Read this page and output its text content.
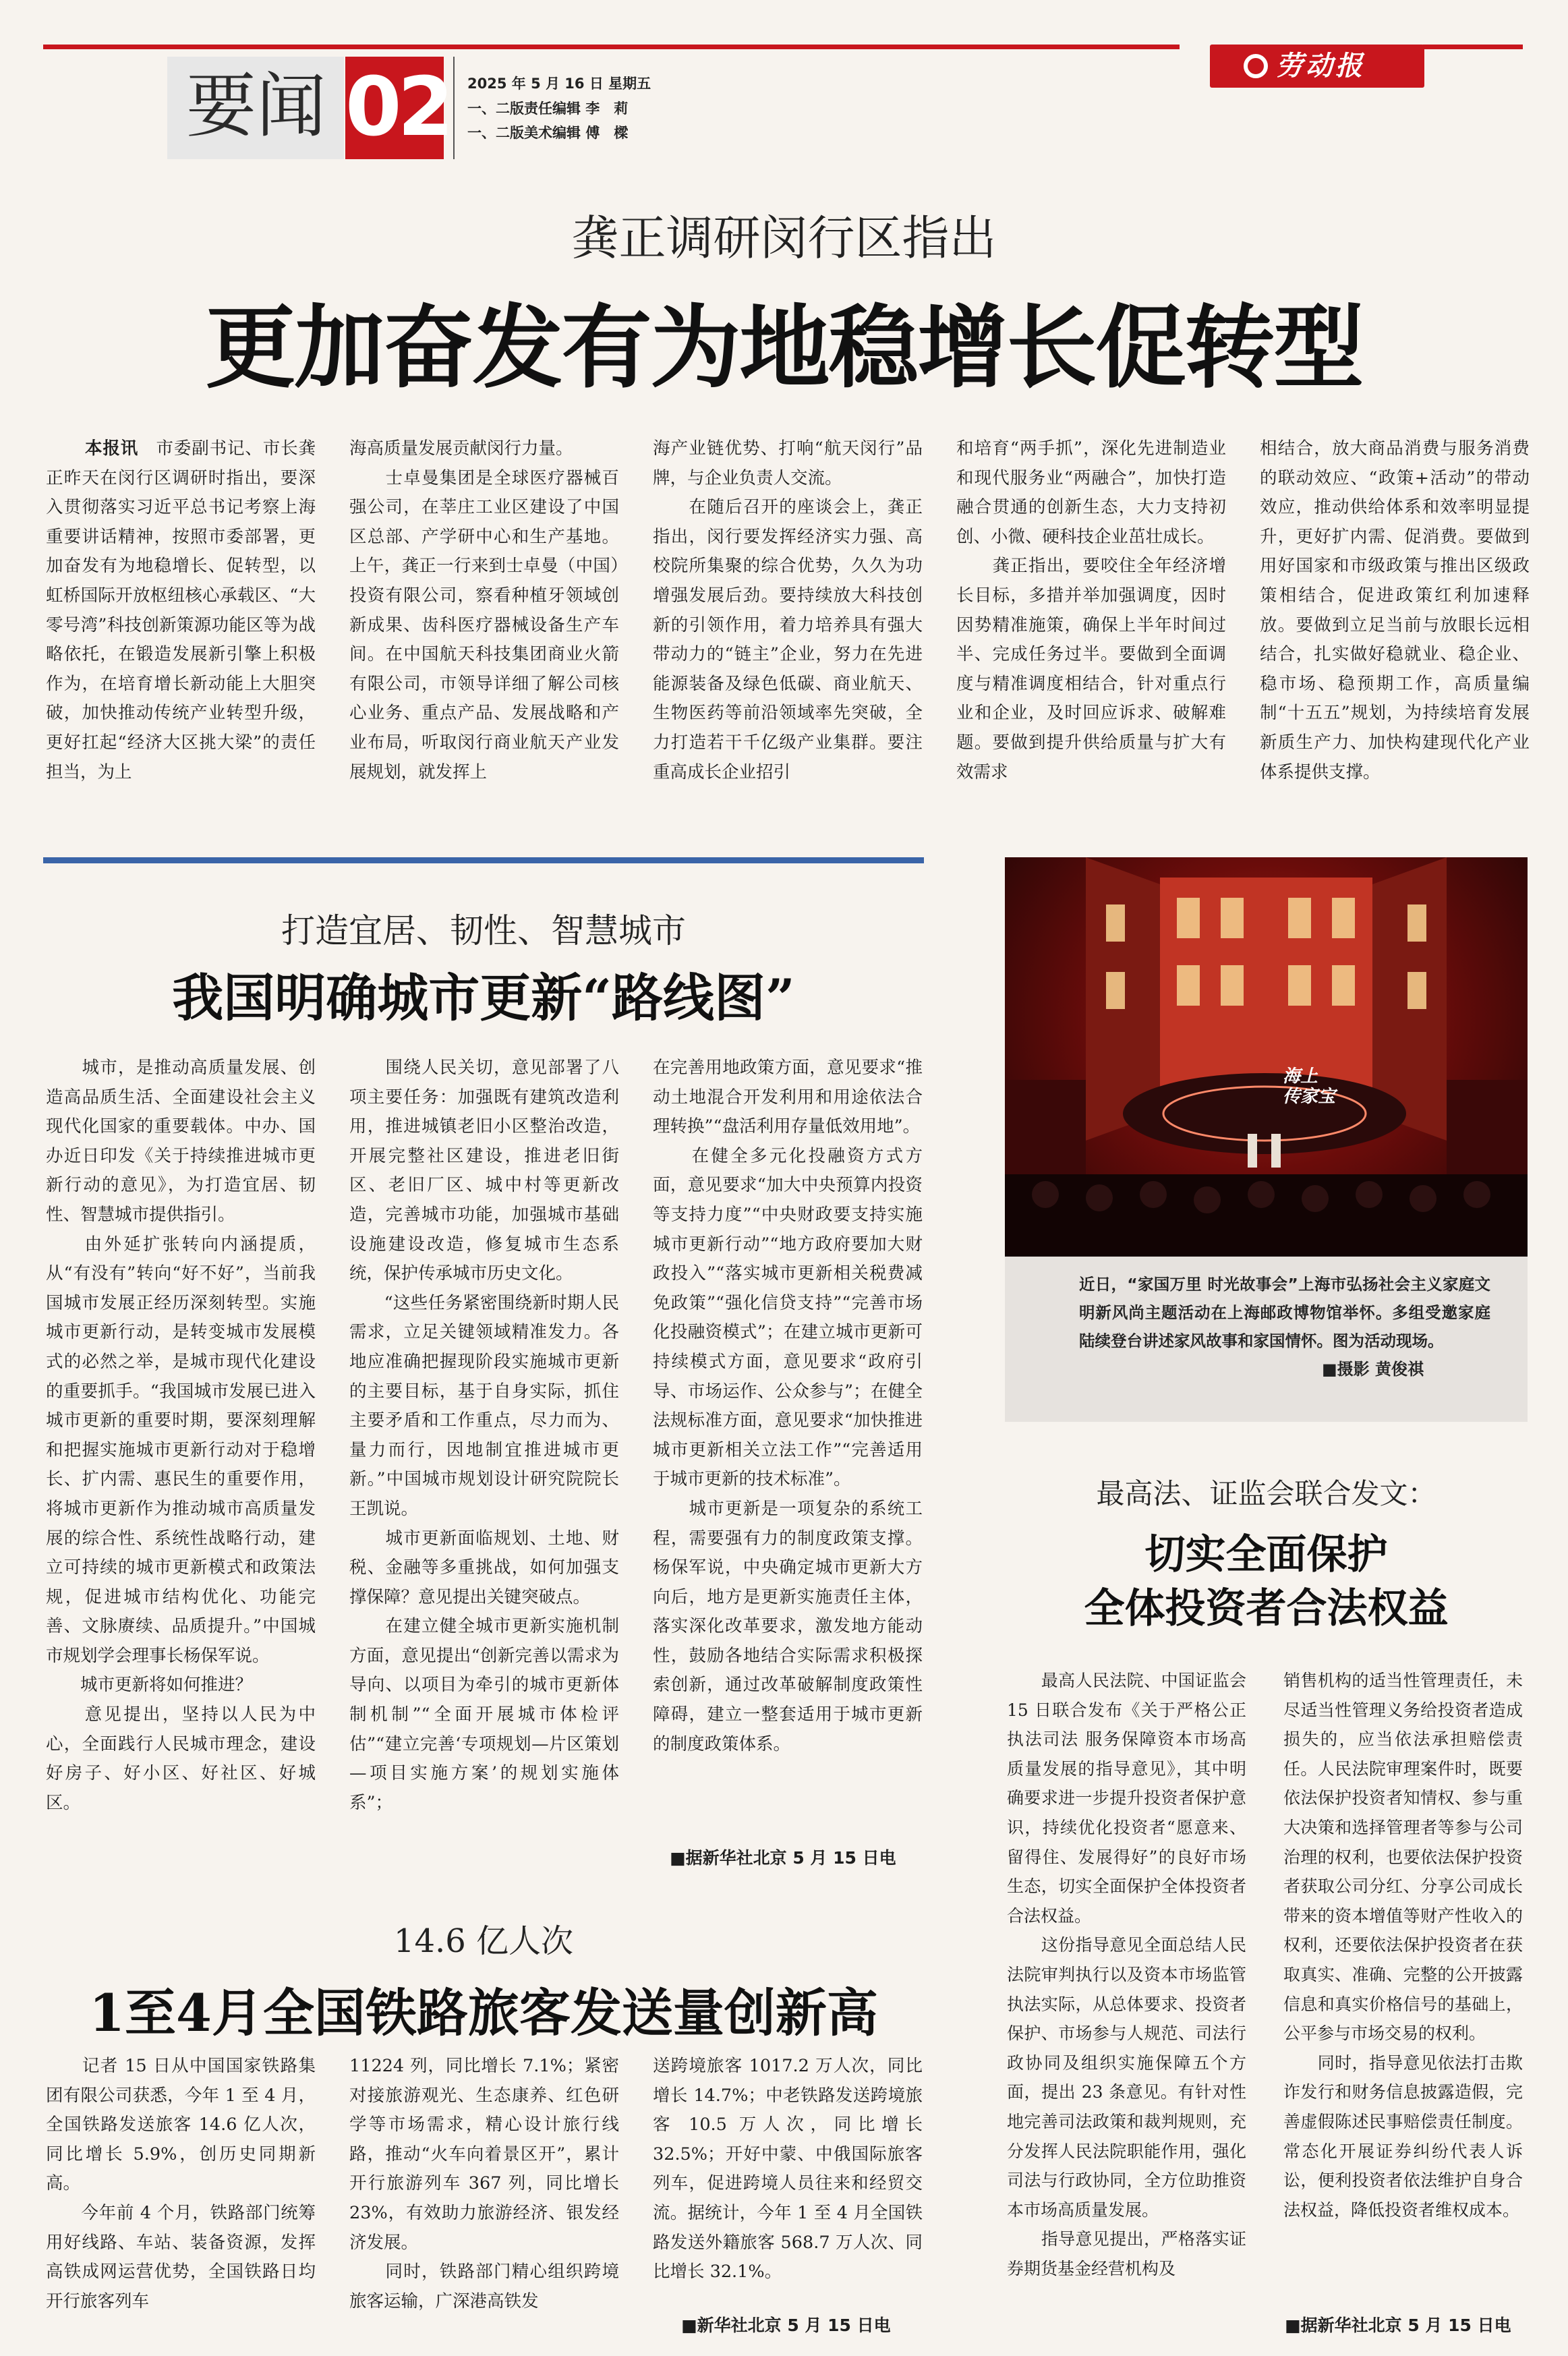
要闻 02 2025 年 5 月 16 日 星期五
一、二版责任编辑 李　莉
一、二版美术编辑 傅　樑
劳动报
龚正调研闵行区指出
更加奋发有为地稳增长促转型
本报讯　 市委副书记、市长龚正昨天在闵行区调研时指出，要深入贯彻落实习近平总书记考察上海重要讲话精神，按照市委部署，更加奋发有为地稳增长、促转型，以虹桥国际开放枢纽核心承载区、“大零号湾”科技创新策源功能区等为战略依托，在锻造发展新引擎上积极作为，在培育增长新动能上大胆突破，加快推动传统产业转型升级，更好扛起“经济大区挑大梁”的责任担当，为上
海高质量发展贡献闵行力量。
　　士卓曼集团是全球医疗器械百强公司，在莘庄工业区建设了中国区总部、产学研中心和生产基地。上午，龚正一行来到士卓曼（中国）投资有限公司，察看种植牙领域创新成果、齿科医疗器械设备生产车间。在中国航天科技集团商业火箭有限公司，市领导详细了解公司核心业务、重点产品、发展战略和产业布局，听取闵行商业航天产业发展规划，就发挥上
海产业链优势、打响“航天闵行”品牌，与企业负责人交流。
　　在随后召开的座谈会上，龚正指出，闵行要发挥经济实力强、高校院所集聚的综合优势，久久为功增强发展后劲。要持续放大科技创新的引领作用，着力培养具有强大带动力的“链主”企业，努力在先进能源装备及绿色低碳、商业航天、生物医药等前沿领域率先突破，全力打造若干千亿级产业集群。要注重高成长企业招引
和培育“两手抓”，深化先进制造业和现代服务业“两融合”，加快打造融合贯通的创新生态，大力支持初创、小微、硬科技企业茁壮成长。
　　龚正指出，要咬住全年经济增长目标，多措并举加强调度，因时因势精准施策，确保上半年时间过半、完成任务过半。要做到全面调度与精准调度相结合，针对重点行业和企业，及时回应诉求、破解难题。要做到提升供给质量与扩大有效需求
相结合，放大商品消费与服务消费的联动效应、“政策+活动”的带动效应，推动供给体系和效率明显提升，更好扩内需、促消费。要做到用好国家和市级政策与推出区级政策相结合，促进政策红利加速释放。要做到立足当前与放眼长远相结合，扎实做好稳就业、稳企业、稳市场、稳预期工作，高质量编制“十五五”规划，为持续培育发展新质生产力、加快构建现代化产业体系提供支撑。
打造宜居、韧性、智慧城市
我国明确城市更新“路线图”
　　城市，是推动高质量发展、创造高品质生活、全面建设社会主义现代化国家的重要载体。中办、国办近日印发《关于持续推进城市更新行动的意见》，为打造宜居、韧性、智慧城市提供指引。
　　由外延扩张转向内涵提质，从“有没有”转向“好不好”，当前我国城市发展正经历深刻转型。实施城市更新行动，是转变城市发展模式的必然之举，是城市现代化建设的重要抓手。“我国城市发展已进入城市更新的重要时期，要深刻理解和把握实施城市更新行动对于稳增长、扩内需、惠民生的重要作用，将城市更新作为推动城市高质量发展的综合性、系统性战略行动，建立可持续的城市更新模式和政策法规，促进城市结构优化、功能完善、文脉赓续、品质提升。”中国城市规划学会理事长杨保军说。
　　城市更新将如何推进？
　　意见提出，坚持以人民为中心，全面践行人民城市理念，建设好房子、好小区、好社区、好城区。
　　围绕人民关切，意见部署了八项主要任务：加强既有建筑改造利用，推进城镇老旧小区整治改造，开展完整社区建设，推进老旧街区、老旧厂区、城中村等更新改造，完善城市功能，加强城市基础设施建设改造，修复城市生态系统，保护传承城市历史文化。
　　“这些任务紧密围绕新时期人民需求，立足关键领域精准发力。各地应准确把握现阶段实施城市更新的主要目标，基于自身实际，抓住主要矛盾和工作重点，尽力而为、量力而行，因地制宜推进城市更新。”中国城市规划设计研究院院长王凯说。
　　城市更新面临规划、土地、财税、金融等多重挑战，如何加强支撑保障？意见提出关键突破点。
　　在建立健全城市更新实施机制方面，意见提出“创新完善以需求为导向、以项目为牵引的城市更新体制机制”“全面开展城市体检评估”“建立完善‘专项规划—片区策划—项目实施方案’的规划实施体系”；
在完善用地政策方面，意见要求“推动土地混合开发利用和用途依法合理转换”“盘活利用存量低效用地”。
　　在健全多元化投融资方式方面，意见要求“加大中央预算内投资等支持力度”“中央财政要支持实施城市更新行动”“地方政府要加大财政投入”“落实城市更新相关税费减免政策”“强化信贷支持”“完善市场化投融资模式”；在建立城市更新可持续模式方面，意见要求“政府引导、市场运作、公众参与”；在健全法规标准方面，意见要求“加快推进城市更新相关立法工作”“完善适用于城市更新的技术标准”。
　　城市更新是一项复杂的系统工程，需要强有力的制度政策支撑。杨保军说，中央确定城市更新大方向后，地方是更新实施责任主体，落实深化改革要求，激发地方能动性，鼓励各地结合实际需求积极探索创新，通过改革破解制度政策性障碍，建立一整套适用于城市更新的制度政策体系。
■据新华社北京 5 月 15 日电
14.6 亿人次
1至4月全国铁路旅客发送量创新高
　　记者 15 日从中国国家铁路集团有限公司获悉，今年 1 至 4 月，全国铁路发送旅客 14.6 亿人次，同比增长 5.9%，创历史同期新高。
　　今年前 4 个月，铁路部门统筹用好线路、车站、装备资源，发挥高铁成网运营优势，全国铁路日均开行旅客列车
11224 列，同比增长 7.1%；紧密对接旅游观光、生态康养、红色研学等市场需求，精心设计旅行线路，推动“火车向着景区开”，累计开行旅游列车 367 列，同比增长 23%，有效助力旅游经济、银发经济发展。
　　同时，铁路部门精心组织跨境旅客运输，广深港高铁发
送跨境旅客 1017.2 万人次，同比增长 14.7%；中老铁路发送跨境旅客 10.5 万人次，同比增长 32.5%；开好中蒙、中俄国际旅客列车，促进跨境人员往来和经贸交流。据统计，今年 1 至 4 月全国铁路发送外籍旅客 568.7 万人次、同比增长 32.1%。
■新华社北京 5 月 15 日电
海上
传家宝
近日，“家国万里 时光故事会”上海市弘扬社会主义家庭文明新风尚主题活动在上海邮政博物馆举怀。多组受邀家庭陆续登台讲述家风故事和家国情怀。图为活动现场。
■摄影 黄俊祺
最高法、证监会联合发文：
切实全面保护
全体投资者合法权益
　　最高人民法院、中国证监会 15 日联合发布《关于严格公正执法司法 服务保障资本市场高质量发展的指导意见》，其中明确要求进一步提升投资者保护意识，持续优化投资者“愿意来、留得住、发展得好”的良好市场生态，切实全面保护全体投资者合法权益。
　　这份指导意见全面总结人民法院审判执行以及资本市场监管执法实际，从总体要求、投资者保护、市场参与人规范、司法行政协同及组织实施保障五个方面，提出 23 条意见。有针对性地完善司法政策和裁判规则，充分发挥人民法院职能作用，强化司法与行政协同，全方位助推资本市场高质量发展。
　　指导意见提出，严格落实证券期货基金经营机构及
销售机构的适当性管理责任，未尽适当性管理义务给投资者造成损失的，应当依法承担赔偿责任。人民法院审理案件时，既要依法保护投资者知情权、参与重大决策和选择管理者等参与公司治理的权利，也要依法保护投资者获取公司分红、分享公司成长带来的资本增值等财产性收入的权利，还要依法保护投资者在获取真实、准确、完整的公开披露信息和真实价格信号的基础上，公平参与市场交易的权利。
　　同时，指导意见依法打击欺诈发行和财务信息披露造假，完善虚假陈述民事赔偿责任制度。常态化开展证券纠纷代表人诉讼，便利投资者依法维护自身合法权益，降低投资者维权成本。
■据新华社北京 5 月 15 日电
